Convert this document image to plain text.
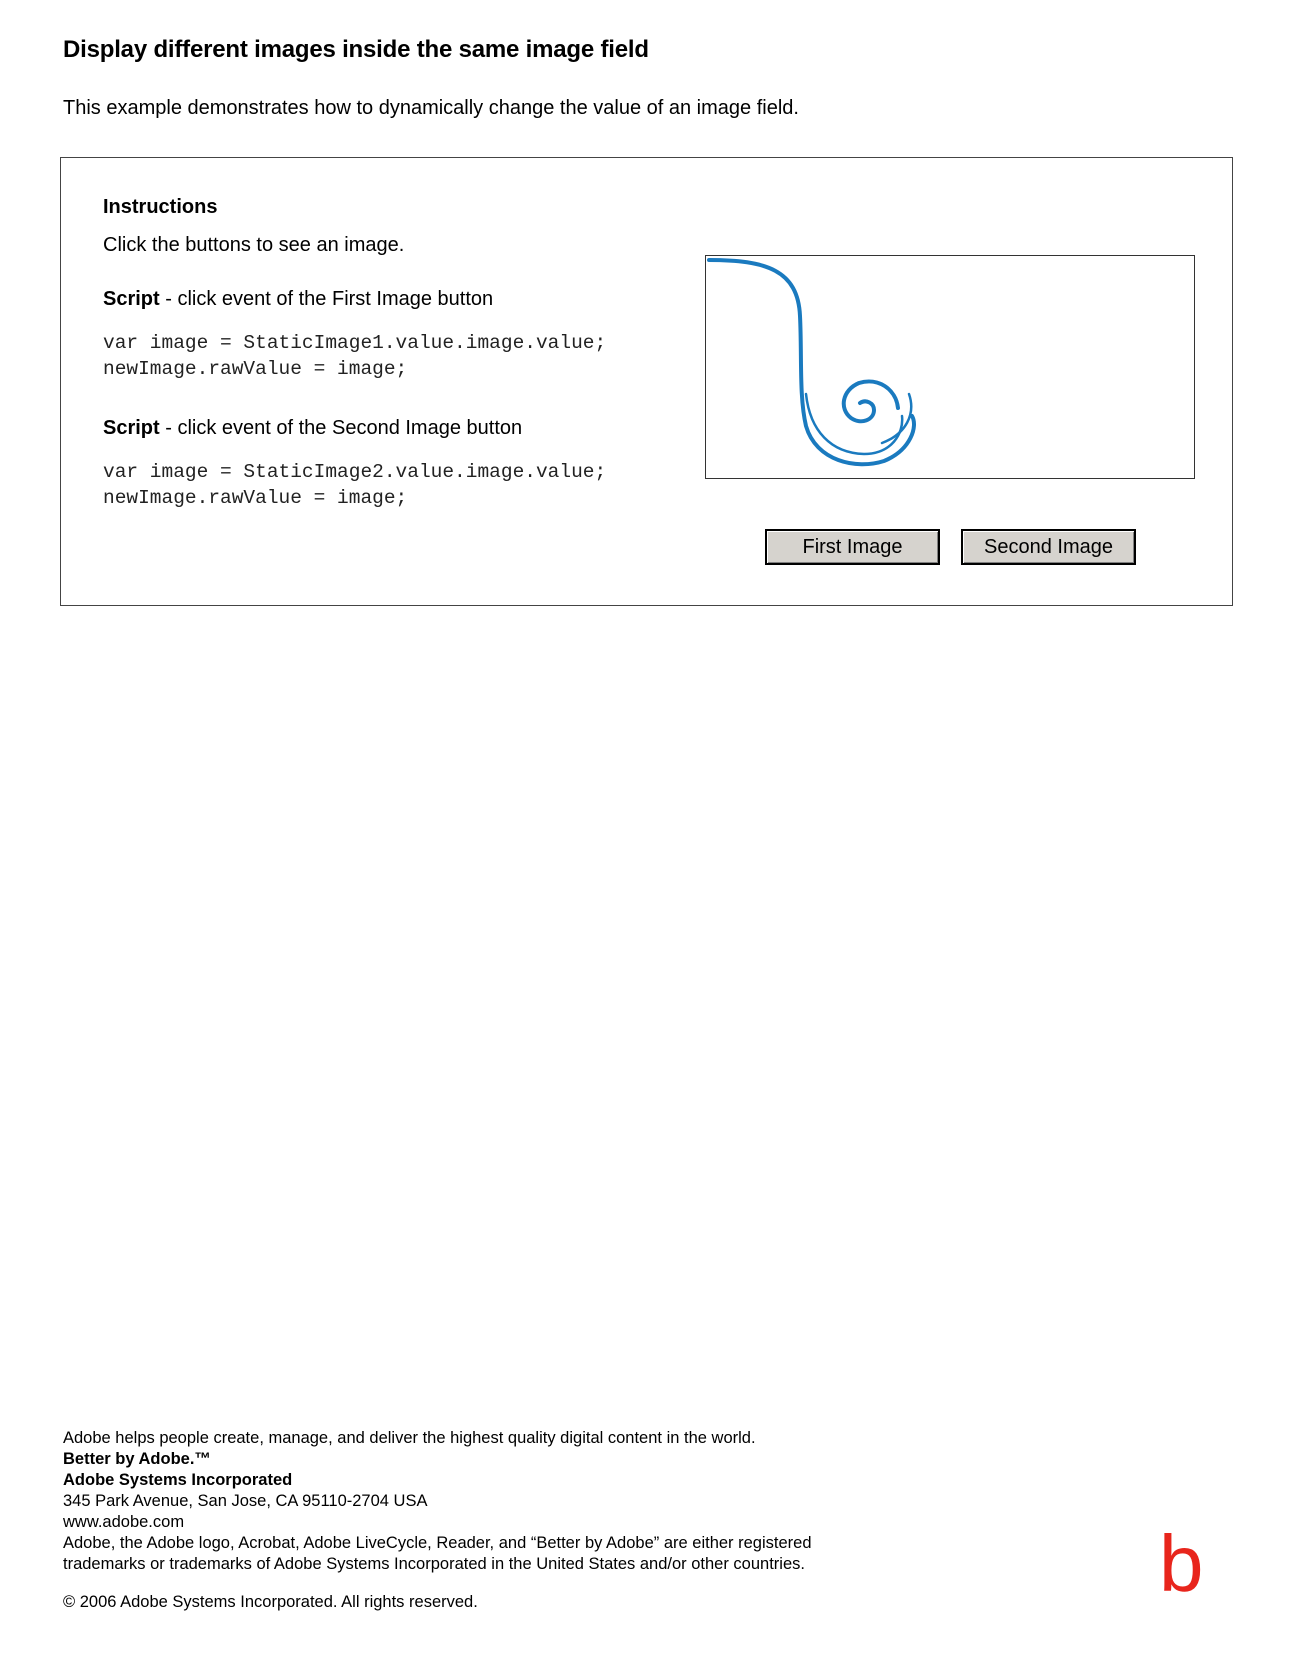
Display different images inside the same image field

This example demonstrates how to dynamically change the value of an image field.

Instructions

Click the buttons to see an image.

Script - click event of the First Image button

var image = StaticImage1.value.image.value;
newImage.rawValue = image;

Script - click event of the Second Image button

var image = StaticImage2.value.image.value;
newImage.rawValue = image;
First Image	Second Image
Adobe helps people create, manage, and deliver the highest quality digital content in the world.
Better by Adobe.™
Adobe Systems Incorporated
345 Park Avenue, San Jose, CA 95110-2704 USA
www.adobe.com
Adobe, the Adobe logo, Acrobat, Adobe LiveCycle, Reader, and “Better by Adobe” are either registered
trademarks or trademarks of Adobe Systems Incorporated in the United States and/or other countries.
© 2006 Adobe Systems Incorporated. All rights reserved.	b
